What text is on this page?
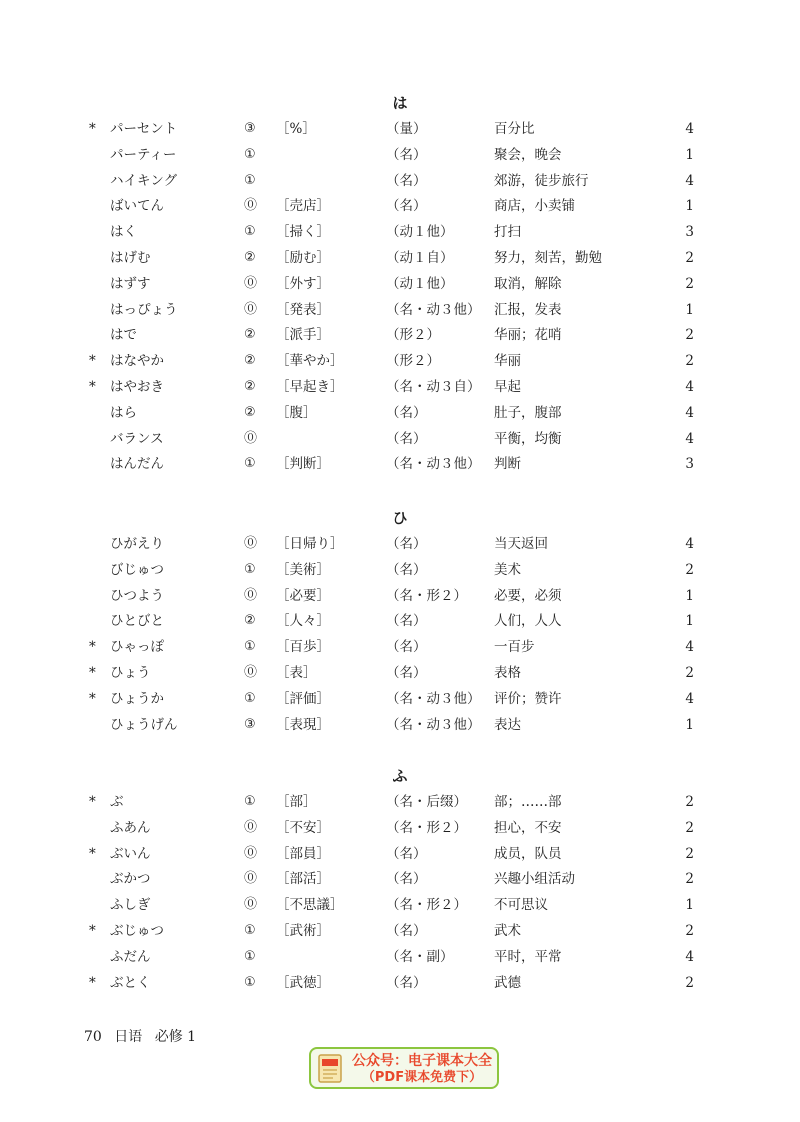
は
* パーセント	③ ［%］	（量）	百分比	4
パーティー	①	（名）	聚会，晚会	1
ハイキング	①	（名）	郊游，徒步旅行	4
ばいてん	⓪ ［売店］	（名）	商店，小卖铺	1
はく	① ［掃く］	（动１他）	打扫	3
はげむ	② ［励む］	（动１自）	努力，刻苦，勤勉	2
はずす	⓪ ［外す］	（动１他）	取消，解除	2
はっぴょう	⓪ ［発表］	（名・动３他） 汇报，发表	1
はで	② ［派手］	（形２）	华丽；花哨	2
* はなやか	② ［華やか］	（形２）	华丽	2
* はやおき	② ［早起き］	（名・动３自） 早起	4
はら	② ［腹］	（名）	肚子，腹部	4
バランス	⓪	（名）	平衡，均衡	4
はんだん	① ［判断］	（名・动３他） 判断	3
ひ
ひがえり	⓪ ［日帰り］	（名）	当天返回	4
びじゅつ	① ［美術］	（名）	美术	2
ひつよう	⓪ ［必要］	（名・形２） 必要，必须	1
ひとびと	② ［人々］	（名）	人们，人人	1
* ひゃっぽ	① ［百歩］	（名）	一百步	4
* ひょう	⓪ ［表］	（名）	表格	2
* ひょうか	① ［評価］	（名・动３他） 评价；赞许	4
ひょうげん	③ ［表現］	（名・动３他） 表达	1
ふ
* ぶ	① ［部］	（名・后缀） 部；……部	2
ふあん	⓪ ［不安］	（名・形２） 担心，不安	2
* ぶいん	⓪ ［部員］	（名）	成员，队员	2
ぶかつ	⓪ ［部活］	（名）	兴趣小组活动	2
ふしぎ	⓪ ［不思議］	（名・形２） 不可思议	1
* ぶじゅつ	① ［武術］	（名）	武术	2
ふだん	①	（名・副）	平时，平常	4
* ぶとく	① ［武徳］	（名）	武德	2
70 日语 必修 1
公众号：电子课本大全
（PDF课本免费下）
